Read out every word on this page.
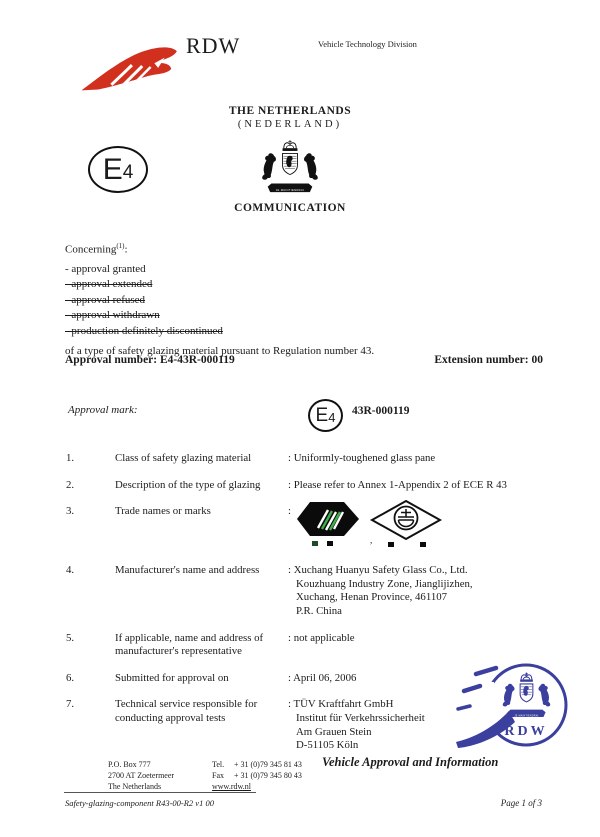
RDW	Vehicle Technology Division
THE NETHERLANDS
(NEDERLAND)
JE MAINTIENDRAI
COMMUNICATION
E 4
Concerning$^{(1)}$:
- approval granted
- approval extended
- approval refused
- approval withdrawn
- production definitely discontinued
of a type of safety glazing material pursuant to Regulation number 43.
Approval number: E4-43R-000119	Extension number: 00
Approval mark:	E 4 43R-000119
1.	Class of safety glazing material	: Uniformly-toughened glass pane
2.	Description of the type of glazing	: Please refer to Annex 1-Appendix 2 of ECE R 43
3.	Trade names or marks	:
,
4.	Manufacturer's name and address	: Xuchang Huanyu Safety Glass Co., Ltd.
Kouzhuang Industry Zone, Jianglijizhen,
Xuchang, Henan Province, 461107
P.R. China
5.	If applicable, name and address of
manufacturer's representative
: not applicable
6.	Submitted for approval on	: April 06, 2006
7.	Technical service responsible for
conducting approval tests
: TÜV Kraftfahrt GmbH
Institut für Verkehrssicherheit
Am Grauen Stein
D-51105 Köln
JE MAINTIENDRAI
RDW
P.O. Box 777
2700 AT Zoetermeer
The Netherlands
Tel. + 31 (0)79 345 81 43
Fax + 31 (0)79 345 80 43
www.rdw.nl
Vehicle Approval and Information
Safety-glazing-component R43-00-R2 v1 00	Page 1 of 3
